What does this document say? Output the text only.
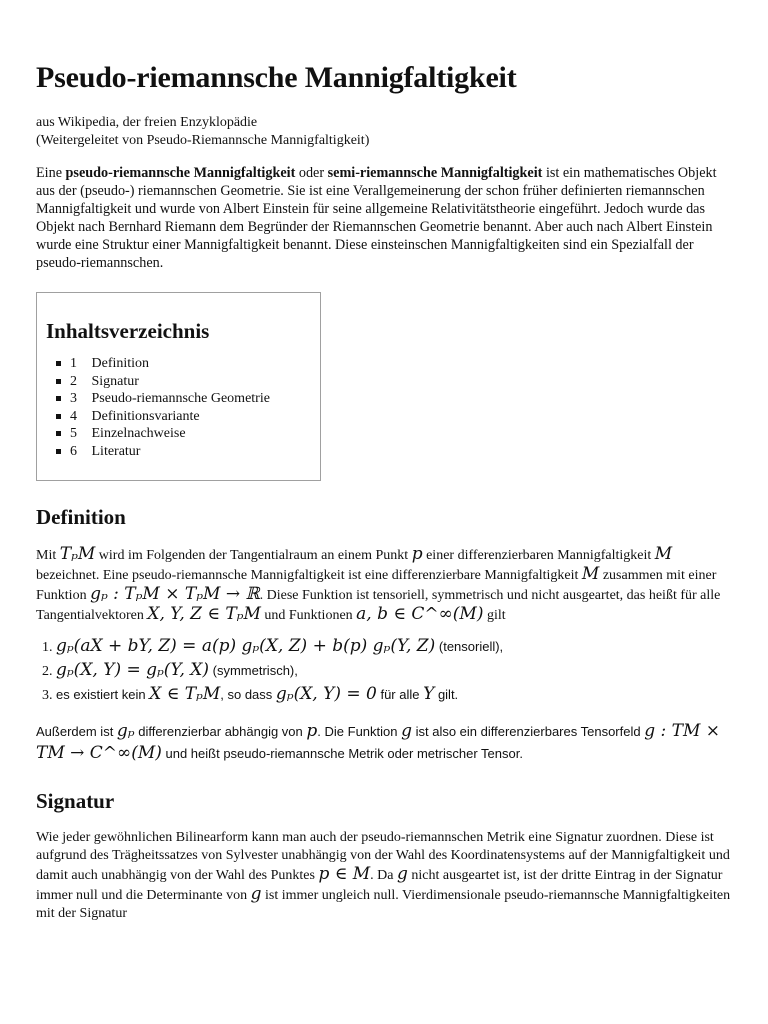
Pseudo-riemannsche Mannigfaltigkeit
aus Wikipedia, der freien Enzyklopädie
(Weitergeleitet von Pseudo-Riemannsche Mannigfaltigkeit)

Eine pseudo-riemannsche Mannigfaltigkeit oder semi-riemannsche Mannigfaltigkeit ist ein mathematisches Objekt aus der (pseudo-) riemannschen Geometrie. Sie ist eine Verallgemeinerung der schon früher definierten riemannschen Mannigfaltigkeit und wurde von Albert Einstein für seine allgemeine Relativitätstheorie eingeführt. Jedoch wurde das Objekt nach Bernhard Riemann dem Begründer der Riemannschen Geometrie benannt. Aber auch nach Albert Einstein wurde eine Struktur einer Mannigfaltigkeit benannt. Diese einsteinschen Mannigfaltigkeiten sind ein Spezialfall der pseudo-riemannschen.

Inhaltsverzeichnis
1 Definition
2 Signatur
3 Pseudo-riemannsche Geometrie
4 Definitionsvariante
5 Einzelnachweise
6 Literatur
Definition

Mit TₚM wird im Folgenden der Tangentialraum an einem Punkt p einer differenzierbaren Mannigfaltigkeit M bezeichnet. Eine pseudo-riemannsche Mannigfaltigkeit ist eine differenzierbare Mannigfaltigkeit M zusammen mit einer Funktion gₚ : TₚM × TₚM → ℝ. Diese Funktion ist tensoriell, symmetrisch und nicht ausgeartet, das heißt für alle Tangentialvektoren X, Y, Z ∈ TₚM und Funktionen a, b ∈ C^∞(M) gilt

1. gₚ(aX + bY, Z) = a(p) gₚ(X, Z) + b(p) gₚ(Y, Z) (tensoriell),
2. gₚ(X, Y) = gₚ(Y, X) (symmetrisch),
3. es existiert kein X ∈ TₚM, so dass gₚ(X, Y) = 0 für alle Y gilt.

Außerdem ist gₚ differenzierbar abhängig von p. Die Funktion g ist also ein differenzierbares Tensorfeld g : TM × TM → C^∞(M) und heißt pseudo-riemannsche Metrik oder metrischer Tensor.

Signatur

Wie jeder gewöhnlichen Bilinearform kann man auch der pseudo-riemannschen Metrik eine Signatur zuordnen. Diese ist aufgrund des Trägheitssatzes von Sylvester unabhängig von der Wahl des Koordinatensystems auf der Mannigfaltigkeit und damit auch unabhängig von der Wahl des Punktes p ∈ M. Da g nicht ausgeartet ist, ist der dritte Eintrag in der Signatur immer null und die Determinante von g ist immer ungleich null. Vierdimensionale pseudo-riemannsche Mannigfaltigkeiten mit der Signatur
